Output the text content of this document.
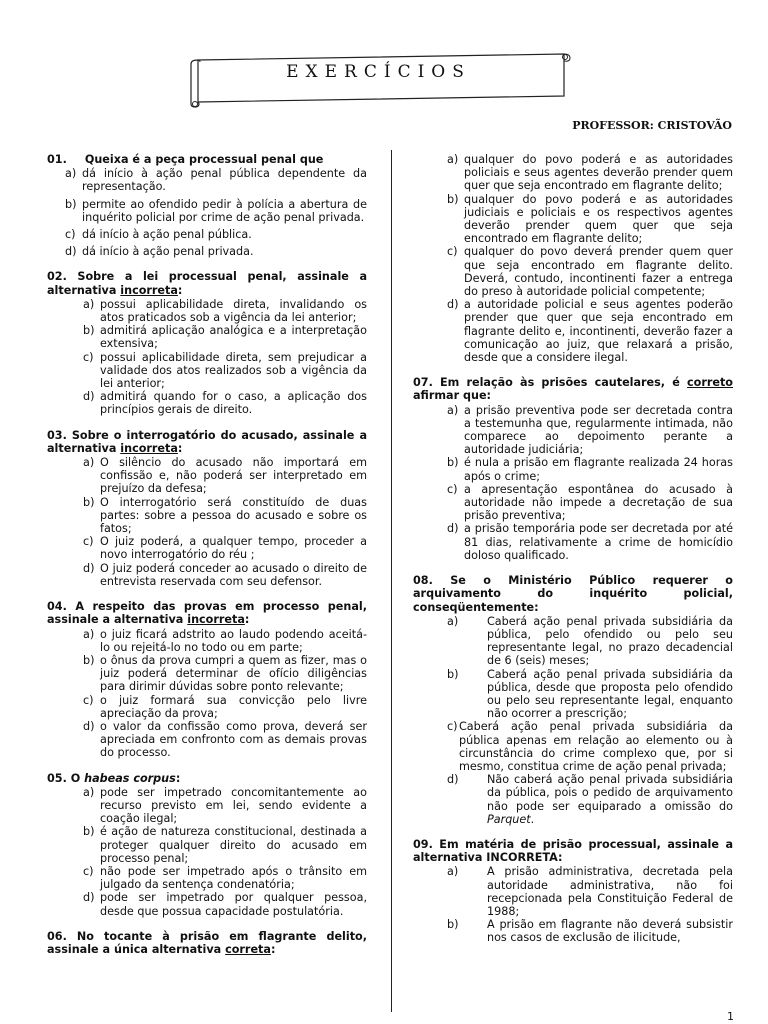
EXERCÍCIOS
PROFESSOR: CRISTOVÃO
01. Queixa é a peça processual penal que
a) dá início à ação penal pública dependente da representação.
b) permite ao ofendido pedir à polícia a abertura de inquérito policial por crime de ação penal privada.
c) dá início à ação penal pública.
d) dá início à ação penal privada.
02. Sobre a lei processual penal, assinale a alternativa incorreta:
a) possui aplicabilidade direta, invalidando os atos praticados sob a vigência da lei anterior;
b) admitirá aplicação analógica e a interpretação extensiva;
c) possui aplicabilidade direta, sem prejudicar a validade dos atos realizados sob a vigência da lei anterior;
d) admitirá quando for o caso, a aplicação dos princípios gerais de direito.
03. Sobre o interrogatório do acusado, assinale a alternativa incorreta:
a) O silêncio do acusado não importará em confissão e, não poderá ser interpretado em prejuízo da defesa;
b) O interrogatório será constituído de duas partes: sobre a pessoa do acusado e sobre os fatos;
c) O juiz poderá, a qualquer tempo, proceder a novo interrogatório do réu ;
d) O juiz poderá conceder ao acusado o direito de entrevista reservada com seu defensor.
04. A respeito das provas em processo penal, assinale a alternativa incorreta:
a) o juiz ficará adstrito ao laudo podendo aceitá-lo ou rejeitá-lo no todo ou em parte;
b) o ônus da prova cumpri a quem as fizer, mas o juiz poderá determinar de ofício diligências para dirimir dúvidas sobre ponto relevante;
c) o juiz formará sua convicção pelo livre apreciação da prova;
d) o valor da confissão como prova, deverá ser apreciada em confronto com as demais provas do processo.
05. O habeas corpus:
a) pode ser impetrado concomitantemente ao recurso previsto em lei, sendo evidente a coação ilegal;
b) é ação de natureza constitucional, destinada a proteger qualquer direito do acusado em processo penal;
c) não pode ser impetrado após o trânsito em julgado da sentença condenatória;
d) pode ser impetrado por qualquer pessoa, desde que possua capacidade postulatória.
06. No tocante à prisão em flagrante delito, assinale a única alternativa correta:
a) qualquer do povo poderá e as autoridades policiais e seus agentes deverão prender quem quer que seja encontrado em flagrante delito;
b) qualquer do povo poderá e as autoridades judiciais e policiais e os respectivos agentes deverão prender quem quer que seja encontrado em flagrante delito;
c) qualquer do povo deverá prender quem quer que seja encontrado em flagrante delito. Deverá, contudo, incontinenti fazer a entrega do preso à autoridade policial competente;
d) a autoridade policial e seus agentes poderão prender que quer que seja encontrado em flagrante delito e, incontinenti, deverão fazer a comunicação ao juiz, que relaxará a prisão, desde que a considere ilegal.
07. Em relação às prisões cautelares, é correto afirmar que:
a) a prisão preventiva pode ser decretada contra a testemunha que, regularmente intimada, não comparece ao depoimento perante a autoridade judiciária;
b) é nula a prisão em flagrante realizada 24 horas após o crime;
c) a apresentação espontânea do acusado à autoridade não impede a decretação de sua prisão preventiva;
d) a prisão temporária pode ser decretada por até 81 dias, relativamente a crime de homicídio doloso qualificado.
08. Se o Ministério Público requerer o arquivamento do inquérito policial, conseqüentemente:
a)	Caberá ação penal privada subsidiária da pública, pelo ofendido ou pelo seu representante legal, no prazo decadencial de 6 (seis) meses;
b)	Caberá ação penal privada subsidiária da pública, desde que proposta pelo ofendido ou pelo seu representante legal, enquanto não ocorrer a prescrição;
c) Caberá ação penal privada subsidiária da pública apenas em relação ao elemento ou à circunstância do crime complexo que, por si mesmo, constitua crime de ação penal privada;
d)	Não caberá ação penal privada subsidiária da pública, pois o pedido de arquivamento não pode ser equiparado a omissão do Parquet.
09. Em matéria de prisão processual, assinale a alternativa INCORRETA:
a)	A prisão administrativa, decretada pela autoridade administrativa, não foi recepcionada pela Constituição Federal de 1988;
b)	A prisão em flagrante não deverá subsistir nos casos de exclusão de ilicitude,
1
